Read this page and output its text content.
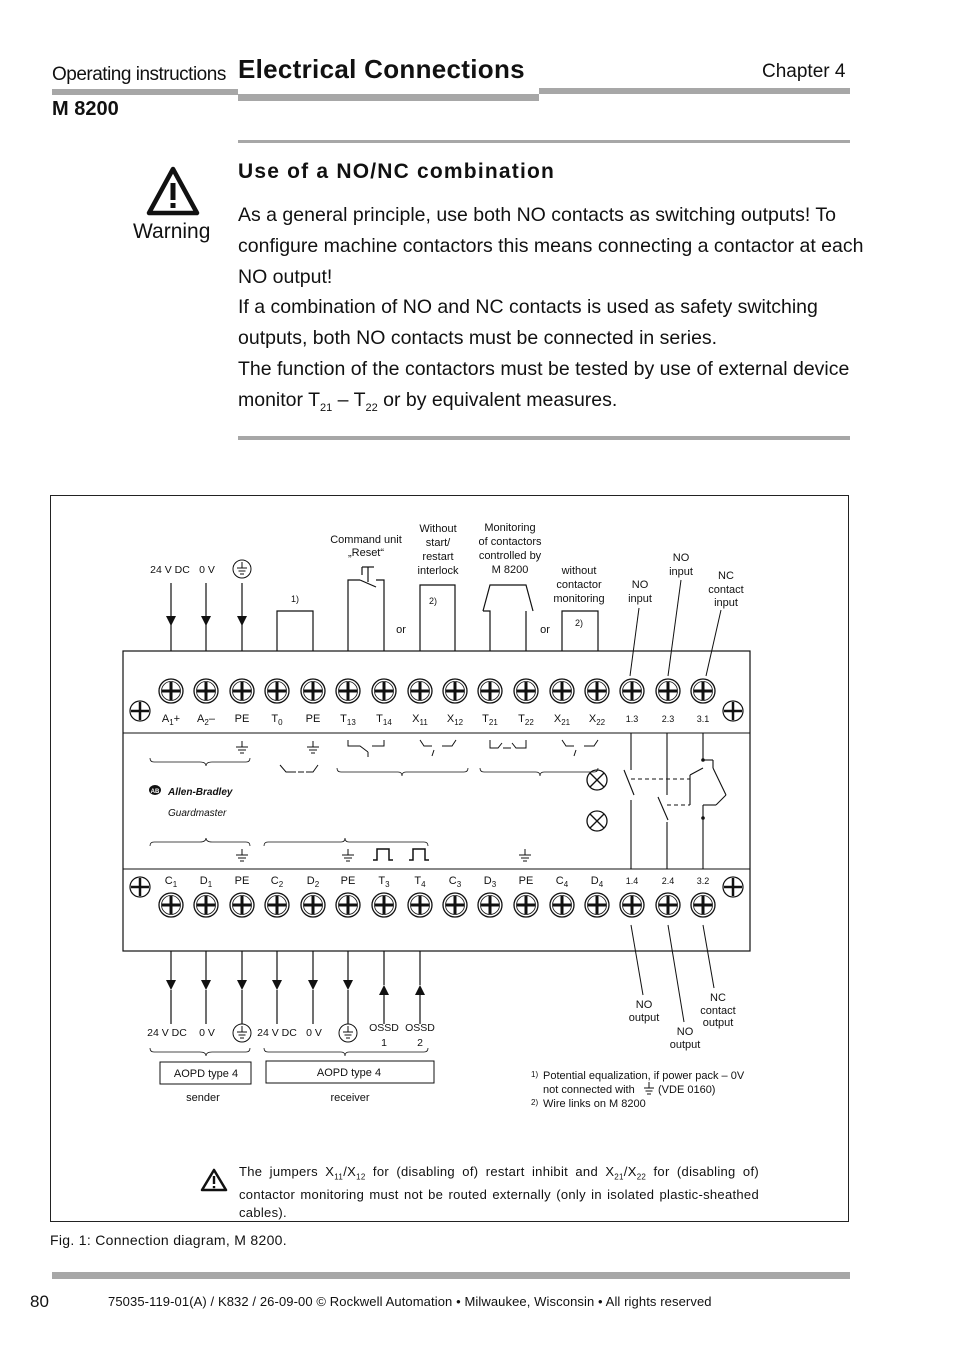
Operating instructions Electrical Connections	Chapter 4
M 8200
Warning
Use of a NO/NC combination

As a general principle, use both NO contacts as switching outputs! To configure machine contactors this means connecting a contactor at each NO output!

If a combination of NO and NC contacts is used as safety switching outputs, both NO contacts must be connected in series.

The function of the contactors must be tested by use of external device monitor $T_{21} - T_{22}$ or by equivalent measures.

$A_1+ A_2-$ PE $T_0$ PE $T_{13}$ $T_{14}$ $X_{11}$ $X_{12}$ $T_{21}$ $T_{22}$ $X_{21}$ $X_{22}$ 1.3	2.3 3.1
$C_1$ $D_1$ PE $C_2$ $D_2$ PE $T_3$ $T_4$ $C_3$ $D_3$ PE $C_4$ $D_4$	1.4	2.4 3.2
24 V DC 0 V
1)
Command unit
„Reset“
or
Without
start/
restart
interlock
2)
Monitoring
of contactors
controlled by
M 8200	without
contactor
monitoring
or
2)
NO
input
NO
input NC
contact
input
AB Allen-Bradley
Guardmaster
24 V DC 0 V	24 V DC 0 V	OSSD
1
OSSD
2
AOPD type 4	AOPD type 4
sender	receiver
NO
output
NO
output
NC
contact
output
1) Potential equalization, if power pack – 0V
not connected with (VDE 0160)
2) Wire links on M 8200
The jumpers $X_{11}/X_{12}$ for (disabling of) restart inhibit and $X_{21}/X_{22}$ for (disabling of) contactor monitoring must not be routed externally (only in isolated plastic-sheathed cables).
Fig. 1: Connection diagram, M 8200.
80	75035-119-01(A) / K832 / 26-09-00 © Rockwell Automation • Milwaukee, Wisconsin • All rights reserved
